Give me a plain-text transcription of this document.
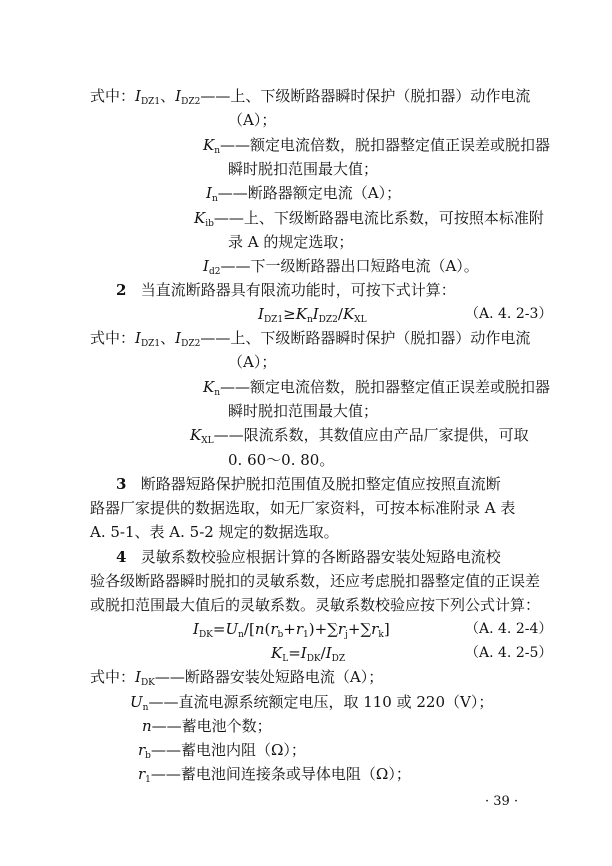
式中：$I_{DZ1}$、$I_{DZ2}——$上、下级断路器瞬时保护（脱扣器）动作电流
（A）；
$K_n——$额定电流倍数，脱扣器整定值正误差或脱扣器
瞬时脱扣范围最大值；
$I_n——$断路器额定电流（A）；
$K_{ib}——$上、下级断路器电流比系数，可按照本标准附
录 A 的规定选取；
$I_{d2}——$下一级断路器出口短路电流（A）。
2 当直流断路器具有限流功能时，可按下式计算：
$I_{DZ1}\ge K_nI_{DZ2}/K_{XL}$	（A. 4. 2-3）
式中：$I_{DZ1}$、$I_{DZ2}——$上、下级断路器瞬时保护（脱扣器）动作电流
（A）；
$K_n——$额定电流倍数，脱扣器整定值正误差或脱扣器
瞬时脱扣范围最大值；
$K_{XL}——$限流系数，其数值应由产品厂家提供，可取
0. 60～0. 80。
3 断路器短路保护脱扣范围值及脱扣整定值应按照直流断
路器厂家提供的数据选取，如无厂家资料，可按本标准附录 A 表
A. 5-1、表 A. 5-2 规定的数据选取。
4 灵敏系数校验应根据计算的各断路器安装处短路电流校
验各级断路器瞬时脱扣的灵敏系数，还应考虑脱扣器整定值的正误差
或脱扣范围最大值后的灵敏系数。灵敏系数校验应按下列公式计算：
$I_{DK}=U_n/[n(r_b+r_1)+\sum r_j+\sum r_k]$	（A. 4. 2-4）
$K_L=I_{DK}/I_{DZ}$	（A. 4. 2-5）
式中：$I_{DK}——$断路器安装处短路电流（A）；
$U_n——$直流电源系统额定电压，取 110 或 220（V）；
n——蓄电池个数；
$r_b——$蓄电池内阻（Ω）；
$r_1——$蓄电池间连接条或导体电阻（Ω）；
· 39 ·
